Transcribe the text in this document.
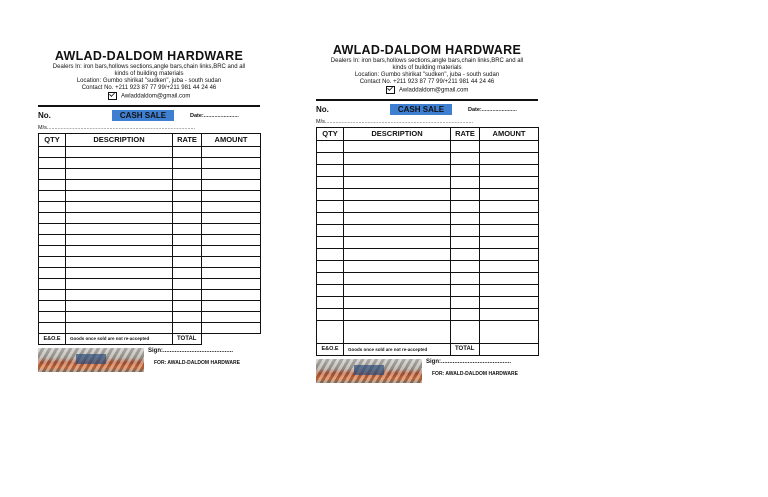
AWLAD-DALDOM HARDWARE
Dealers In: iron bars,hollows sections,angle bars,chain links,BRC and all kinds of building materials
Location: Gumbo shirikat "sudken", juba - south sudan
Contact No. +211 923 87 77 99/+211 981 44 24 46
Awladdaldom@gmail.com
No.	CASH SALE	Date:.......................
M/s.................................................................................................
QTY	DESCRIPTION	RATE	AMOUNT

E&O.E	Goods once sold are not re-accepted	TOTAL	
Sign:..........................................
FOR: AWALD-DALDOM HARDWARE
AWLAD-DALDOM HARDWARE
Dealers In: iron bars,hollows sections,angle bars,chain links,BRC and all kinds of building materials
Location: Gumbo shirikat "sudken", juba - south sudan
Contact No. +211 923 87 77 99/+211 981 44 24 46
Awladdaldom@gmail.com
No.	CASH SALE	Date:.......................
M/s.................................................................................................
QTY	DESCRIPTION	RATE	AMOUNT

E&O.E	Goods once sold are not re-accepted	TOTAL	
Sign:..........................................
FOR: AWALD-DALDOM HARDWARE
